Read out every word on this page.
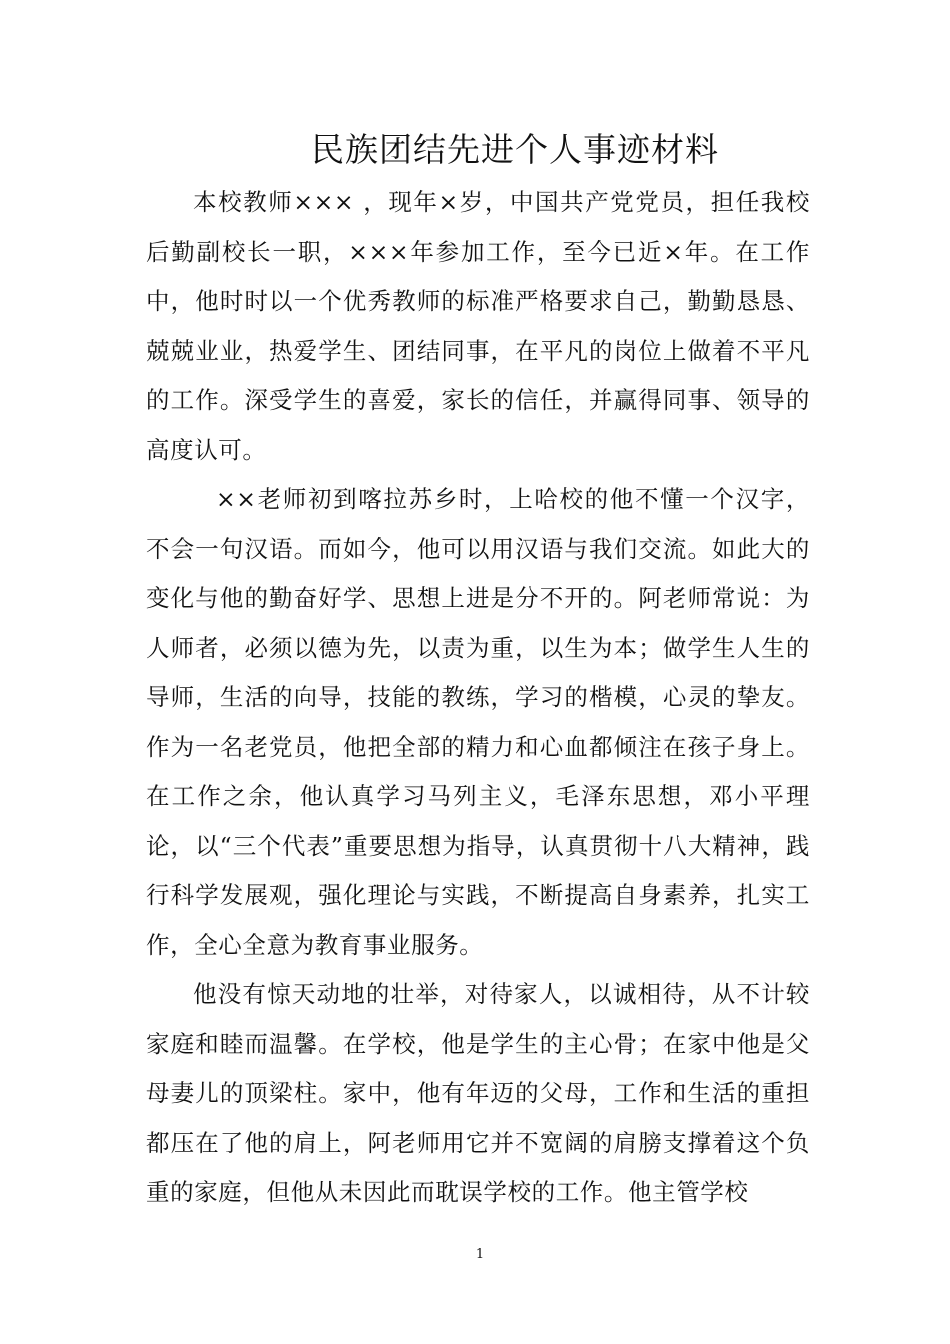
民族团结先进个人事迹材料

本校教师××× ，现年×岁，中国共产党党员，担任我校后勤副校长一职，×××年参加工作，至今已近×年。在工作中，他时时以一个优秀教师的标准严格要求自己，勤勤恳恳、兢兢业业，热爱学生、团结同事，在平凡的岗位上做着不平凡的工作。深受学生的喜爱，家长的信任，并赢得同事、领导的高度认可。

××老师初到喀拉苏乡时，上哈校的他不懂一个汉字，不会一句汉语。而如今，他可以用汉语与我们交流。如此大的变化与他的勤奋好学、思想上进是分不开的。阿老师常说：为人师者，必须以德为先，以责为重，以生为本；做学生人生的导师，生活的向导，技能的教练，学习的楷模，心灵的挚友。作为一名老党员，他把全部的精力和心血都倾注在孩子身上。在工作之余，他认真学习马列主义，毛泽东思想，邓小平理论，以“三个代表”重要思想为指导，认真贯彻十八大精神，践行科学发展观，强化理论与实践，不断提高自身素养，扎实工作，全心全意为教育事业服务。

他没有惊天动地的壮举，对待家人，以诚相待，从不计较家庭和睦而温馨。在学校，他是学生的主心骨；在家中他是父母妻儿的顶梁柱。家中，他有年迈的父母，工作和生活的重担都压在了他的肩上，阿老师用它并不宽阔的肩膀支撑着这个负重的家庭，但他从未因此而耽误学校的工作。他主管学校

1
